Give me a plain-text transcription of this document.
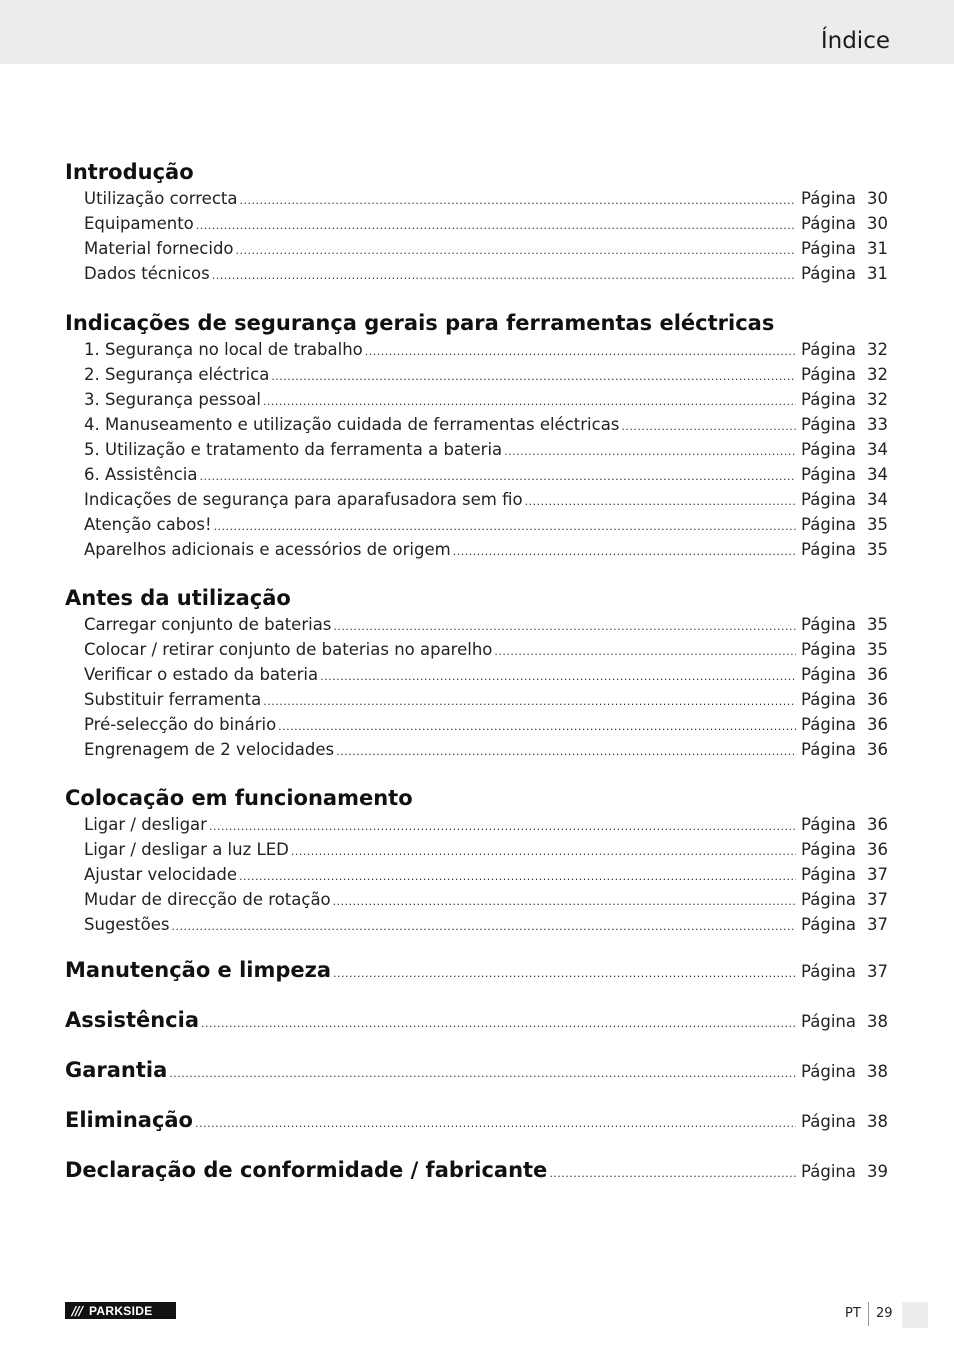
Índice
Introdução
Utilização correcta .....	Página 30
Equipamento .....	Página 30
Material fornecido .....	Página 31
Dados técnicos .....	Página 31
Indicações de segurança gerais para ferramentas eléctricas
1. Segurança no local de trabalho .....	Página 32
2. Segurança eléctrica .....	Página 32
3. Segurança pessoal .....	Página 32
4. Manuseamento e utilização cuidada de ferramentas eléctricas .....	Página 33
5. Utilização e tratamento da ferramenta a bateria .....	Página 34
6. Assistência .....	Página 34
Indicações de segurança para aparafusadora sem fio .....	Página 34
Atenção cabos! .....	Página 35
Aparelhos adicionais e acessórios de origem .....	Página 35
Antes da utilização
Carregar conjunto de baterias .....	Página 35
Colocar / retirar conjunto de baterias no aparelho .....	Página 35
Verificar o estado da bateria .....	Página 36
Substituir ferramenta .....	Página 36
Pré-selecção do binário .....	Página 36
Engrenagem de 2 velocidades .....	Página 36
Colocação em funcionamento
Ligar / desligar .....	Página 36
Ligar / desligar a luz LED .....	Página 36
Ajustar velocidade .....	Página 37
Mudar de direcção de rotação .....	Página 37
Sugestões .....	Página 37
Manutenção e limpeza .....	Página 37
Assistência .....	Página 38
Garantia .....	Página 38
Eliminação .....	Página 38
Declaração de conformidade / fabricante .....	Página 39
/// PARKSIDE	PT 29
